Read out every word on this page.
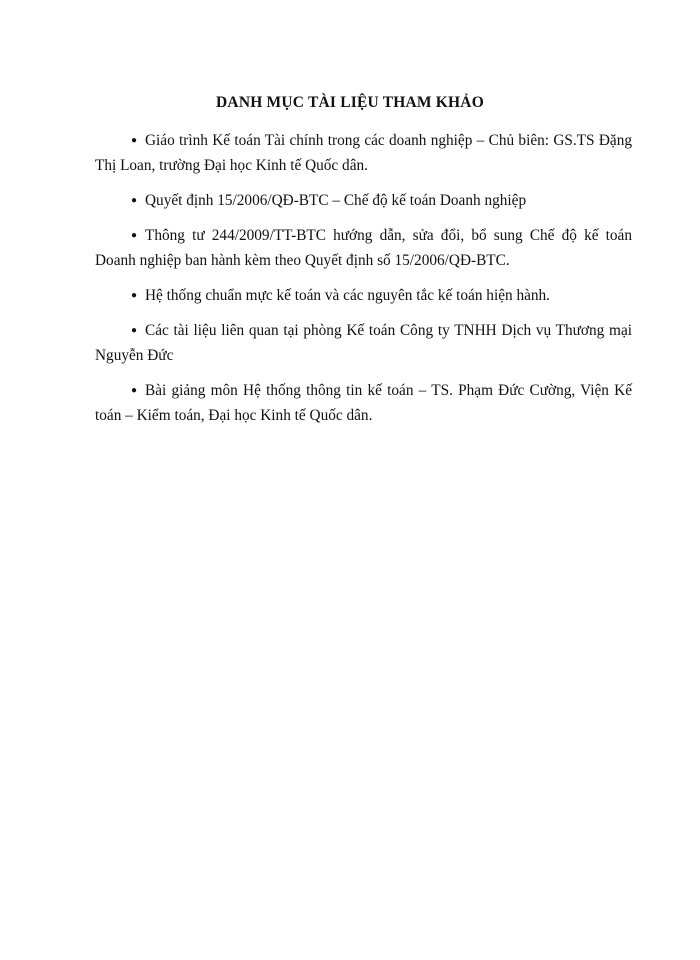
DANH MỤC TÀI LIỆU THAM KHẢO
● Giáo trình Kế toán Tài chính trong các doanh nghiệp – Chủ biên: GS.TS Đặng Thị Loan, trường Đại học Kinh tế Quốc dân.
● Quyết định 15/2006/QĐ-BTC – Chế độ kế toán Doanh nghiệp
● Thông tư 244/2009/TT-BTC hướng dẫn, sửa đổi, bổ sung Chế độ kế toán Doanh nghiệp ban hành kèm theo Quyết định số 15/2006/QĐ-BTC.
● Hệ thống chuẩn mực kế toán và các nguyên tắc kế toán hiện hành.
● Các tài liệu liên quan tại phòng Kế toán Công ty TNHH Dịch vụ Thương mại Nguyễn Đức
● Bài giảng môn Hệ thống thông tin kế toán – TS. Phạm Đức Cường, Viện Kế toán – Kiểm toán, Đại học Kinh tế Quốc dân.
